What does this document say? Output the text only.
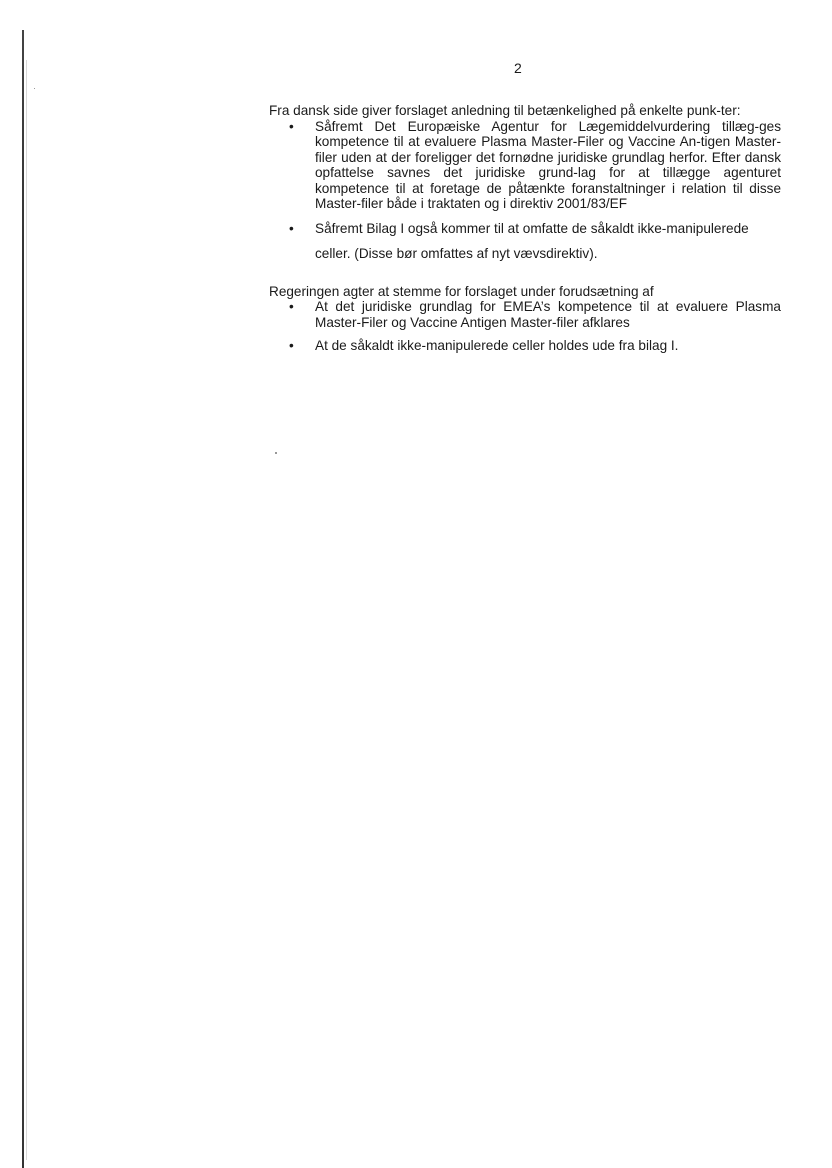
2

Fra dansk side giver forslaget anledning til betænkelighed på enkelte punk-ter:

• Såfremt Det Europæiske Agentur for Lægemiddelvurdering tillæg-ges kompetence til at evaluere Plasma Master-Filer og Vaccine An-tigen Master-filer uden at der foreligger det fornødne juridiske grundlag herfor. Efter dansk opfattelse savnes det juridiske grund-lag for at tillægge agenturet kompetence til at foretage de påtænkte foranstaltninger i relation til disse Master-filer både i traktaten og i direktiv 2001/83/EF
• Såfremt Bilag I også kommer til at omfatte de såkaldt ikke-manipulerede celler. (Disse bør omfattes af nyt vævsdirektiv).

Regeringen agter at stemme for forslaget under forudsætning af

• At det juridiske grundlag for EMEA’s kompetence til at evaluere Plasma Master-Filer og Vaccine Antigen Master-filer afklares
• At de såkaldt ikke-manipulerede celler holdes ude fra bilag I.
